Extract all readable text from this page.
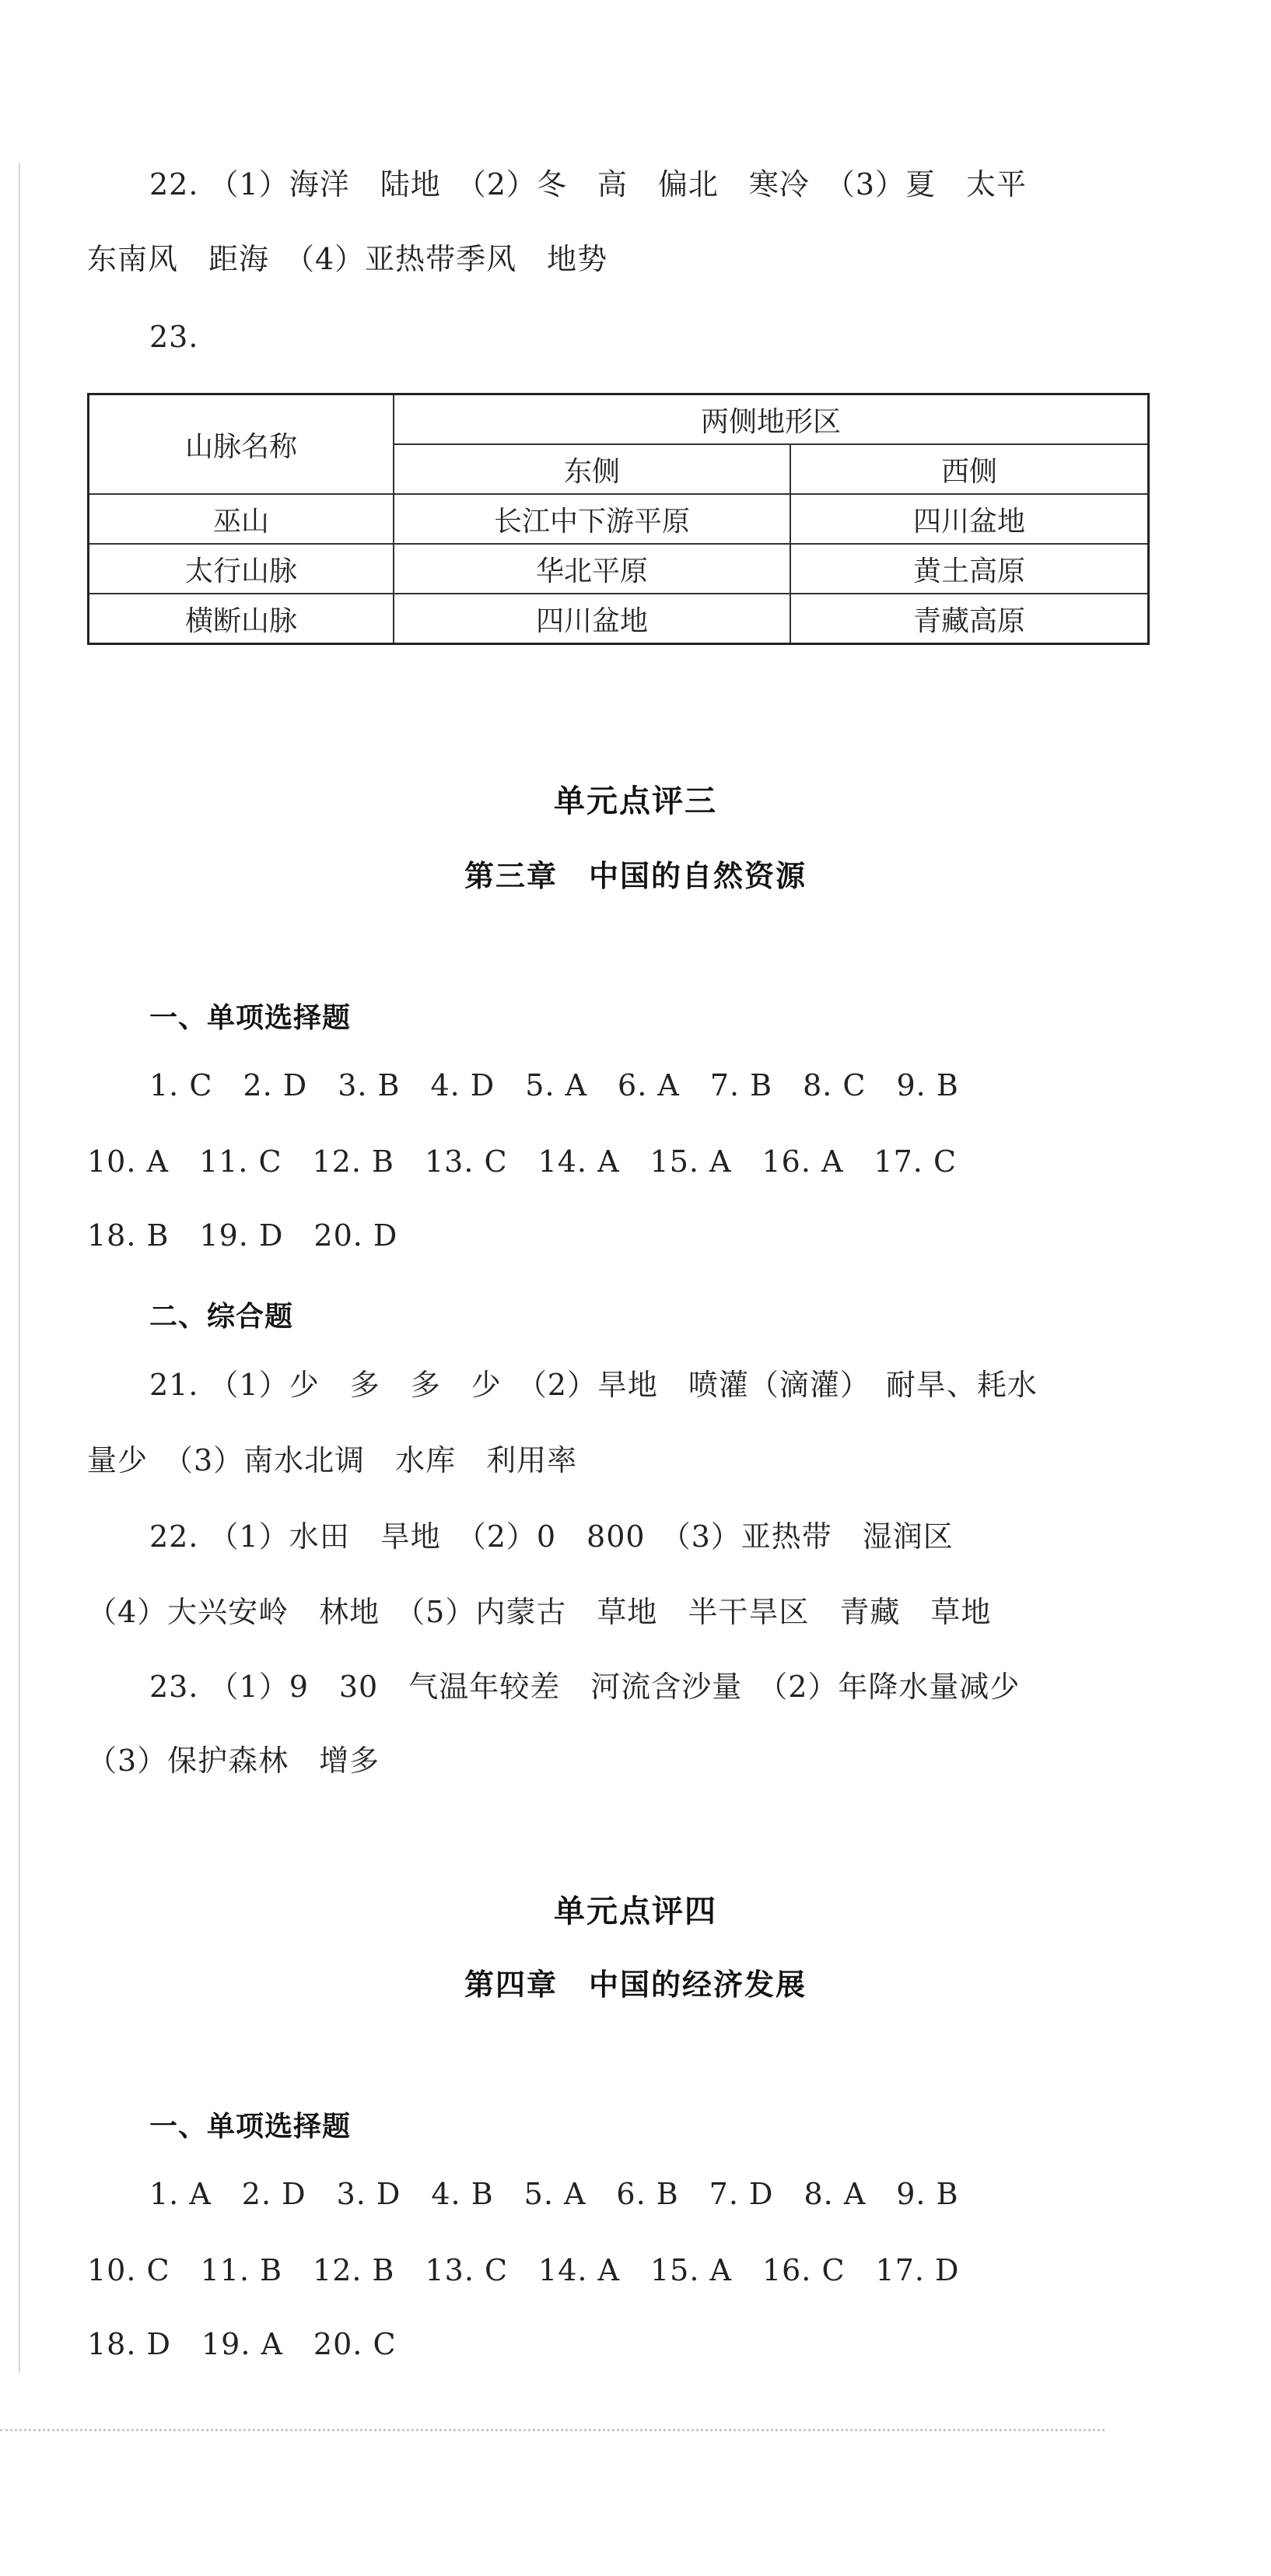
22. （1）海洋　陆地　（2）冬　高　偏北　寒冷　（3）夏　太平
东南风　距海　（4）亚热带季风　地势
23.
山脉名称	两侧地形区	
	东侧	西侧
巫山	长江中下游平原	四川盆地
太行山脉	华北平原	黄土高原
横断山脉	四川盆地	青藏高原
单元点评三
第三章　中国的自然资源
一、单项选择题
1. C　2. D　3. B　4. D　5. A　6. A　7. B　8. C　9. B
10. A　11. C　12. B　13. C　14. A　15. A　16. A　17. C
18. B　19. D　20. D
二、综合题
21. （1）少　多　多　少　（2）旱地　喷灌（滴灌）　耐旱、耗水
量少　（3）南水北调　水库　利用率
22. （1）水田　旱地　（2）0　800　（3）亚热带　湿润区
（4）大兴安岭　林地　（5）内蒙古　草地　半干旱区　青藏　草地
23. （1）9　30　气温年较差　河流含沙量　（2）年降水量减少
（3）保护森林　增多
单元点评四
第四章　中国的经济发展
一、单项选择题
1. A　2. D　3. D　4. B　5. A　6. B　7. D　8. A　9. B
10. C　11. B　12. B　13. C　14. A　15. A　16. C　17. D
18. D　19. A　20. C
